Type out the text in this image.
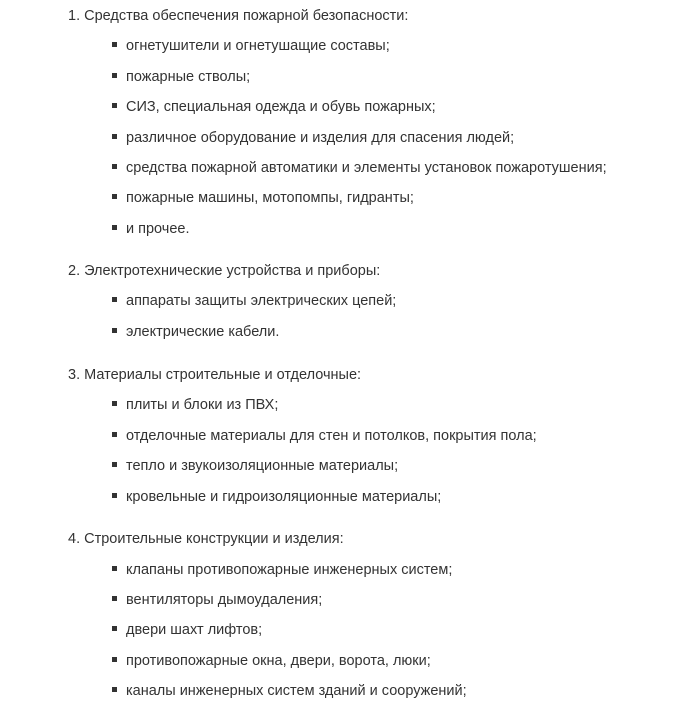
1. Средства обеспечения пожарной безопасности:
огнетушители и огнетушащие составы;
пожарные стволы;
СИЗ, специальная одежда и обувь пожарных;
различное оборудование и изделия для спасения людей;
средства пожарной автоматики и элементы установок пожаротушения;
пожарные машины, мотопомпы, гидранты;
и прочее.
2. Электротехнические устройства и приборы:
аппараты защиты электрических цепей;
электрические кабели.
3. Материалы строительные и отделочные:
плиты и блоки из ПВХ;
отделочные материалы для стен и потолков, покрытия пола;
тепло и звукоизоляционные материалы;
кровельные и гидроизоляционные материалы;
4. Строительные конструкции и изделия:
клапаны противопожарные инженерных систем;
вентиляторы дымоудаления;
двери шахт лифтов;
противопожарные окна, двери, ворота, люки;
каналы инженерных систем зданий и сооружений;
